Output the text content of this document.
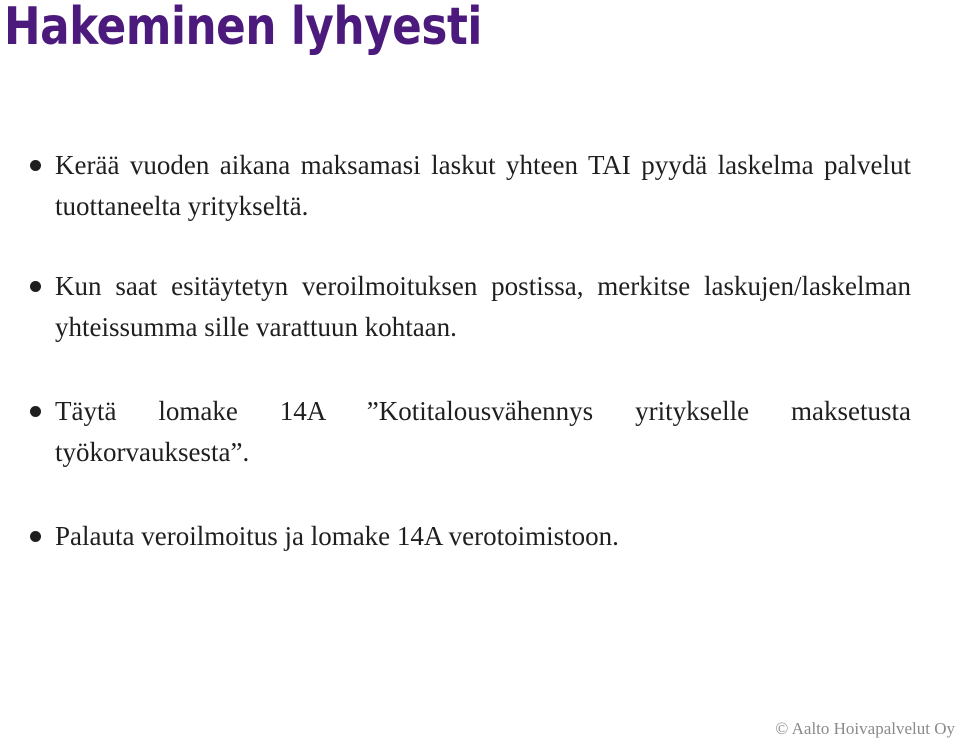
Hakeminen lyhyesti
Kerää vuoden aikana maksamasi laskut yhteen TAI pyydä laskelma palvelut tuottaneelta yritykseltä.
Kun saat esitäytetyn veroilmoituksen postissa, merkitse laskujen/laskelman yhteissumma sille varattuun kohtaan.
Täytä lomake 14A ”Kotitalousvähennys yritykselle maksetusta työkorvauksesta”.
Palauta veroilmoitus ja lomake 14A verotoimistoon.
© Aalto Hoivapalvelut Oy
